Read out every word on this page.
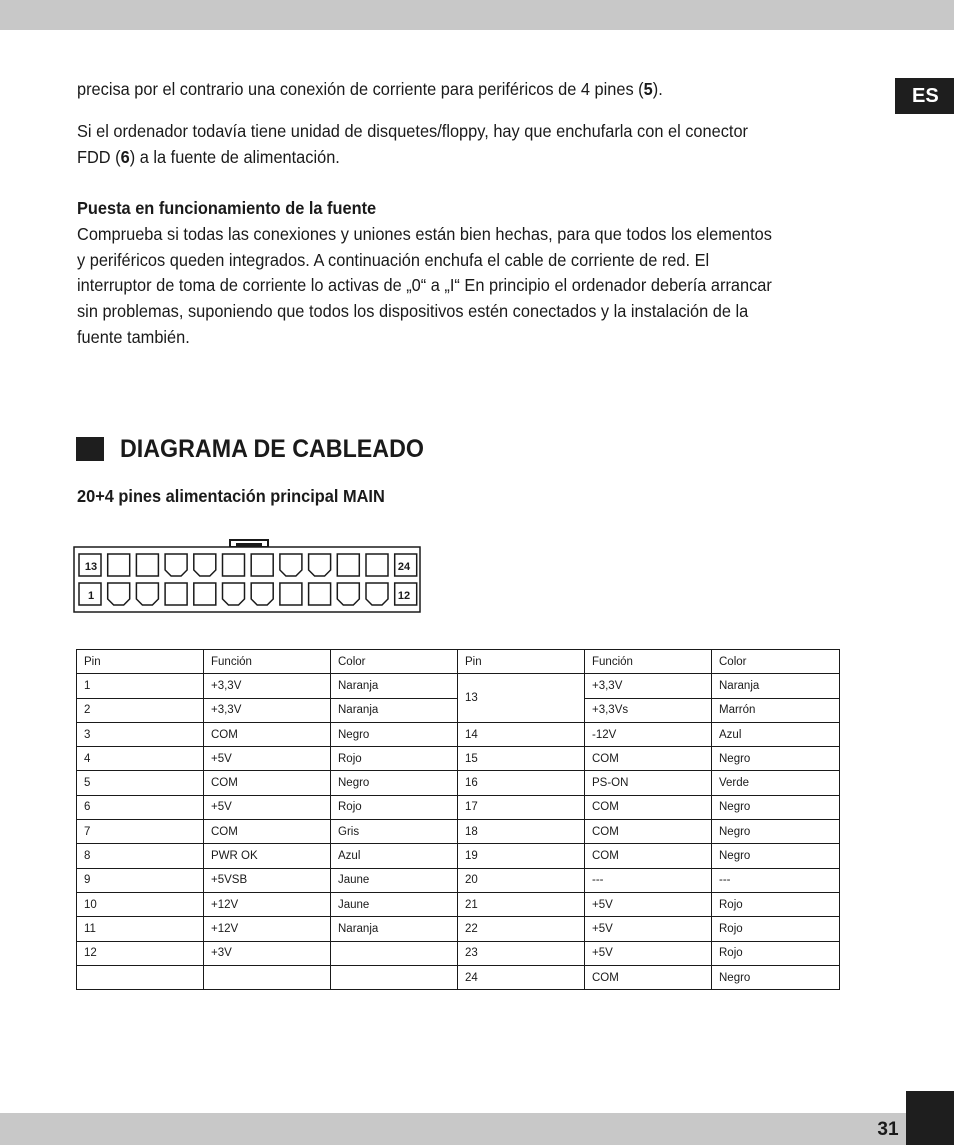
ES

precisa por el contrario una conexión de corriente para periféricos de 4 pines (5).

Si el ordenador todavía tiene unidad de disquetes/floppy, hay que enchufarla con el conector
FDD (6) a la fuente de alimentación.

Puesta en funcionamiento de la fuente
Comprueba si todas las conexiones y uniones están bien hechas, para que todos los elementos
y periféricos queden integrados. A continuación enchufa el cable de corriente de red. El
interruptor de toma de corriente lo activas de „0“ a „I“ En principio el ordenador debería arrancar
sin problemas, suponiendo que todos los dispositivos estén conectados y la instalación de la
fuente también.

DIAGRAMA DE CABLEADO
20+4 pines alimentación principal MAIN
13	24
1	12
Pin	Función	Color	Pin	Función	Color
1	+3,3V	Naranja	13	+3,3V	Naranja
2	+3,3V	Naranja		+3,3Vs	Marrón
3	COM	Negro	14	-12V	Azul
4	+5V	Rojo	15	COM	Negro
5	COM	Negro	16	PS-ON	Verde
6	+5V	Rojo	17	COM	Negro
7	COM	Gris	18	COM	Negro
8	PWR OK	Azul	19	COM	Negro
9	+5VSB	Jaune	20	---	---
10	+12V	Jaune	21	+5V	Rojo
11	+12V	Naranja	22	+5V	Rojo
12	+3V		23	+5V	Rojo
			24	COM	Negro
31
